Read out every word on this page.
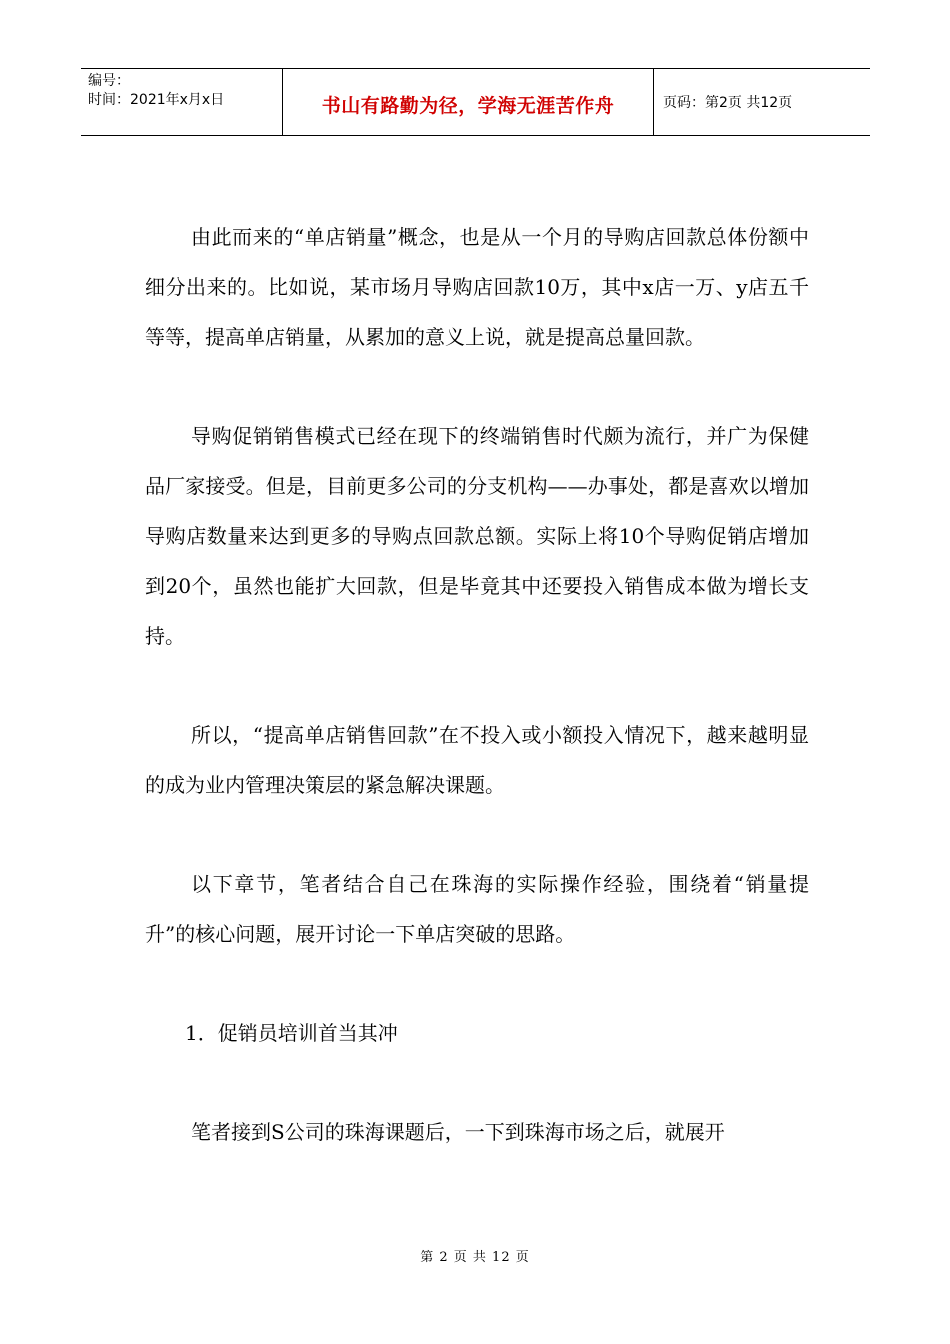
编号：
时间：2021年x月x日	书山有路勤为径，学海无涯苦作舟	页码：第2页 共12页

由此而来的“单店销量”概念，也是从一个月的导购店回款总体份额中细分出来的。比如说，某市场月导购店回款10万，其中x店一万、y店五千等等，提高单店销量，从累加的意义上说，就是提高总量回款。

导购促销销售模式已经在现下的终端销售时代颇为流行，并广为保健品厂家接受。但是，目前更多公司的分支机构——办事处，都是喜欢以增加导购店数量来达到更多的导购点回款总额。实际上将10个导购促销店增加到20个，虽然也能扩大回款，但是毕竟其中还要投入销售成本做为增长支持。

所以，“提高单店销售回款”在不投入或小额投入情况下，越来越明显的成为业内管理决策层的紧急解决课题。

以下章节，笔者结合自己在珠海的实际操作经验，围绕着“销量提升”的核心问题，展开讨论一下单店突破的思路。

1．促销员培训首当其冲

笔者接到S公司的珠海课题后，一下到珠海市场之后，就展开

第 2 页 共 12 页
